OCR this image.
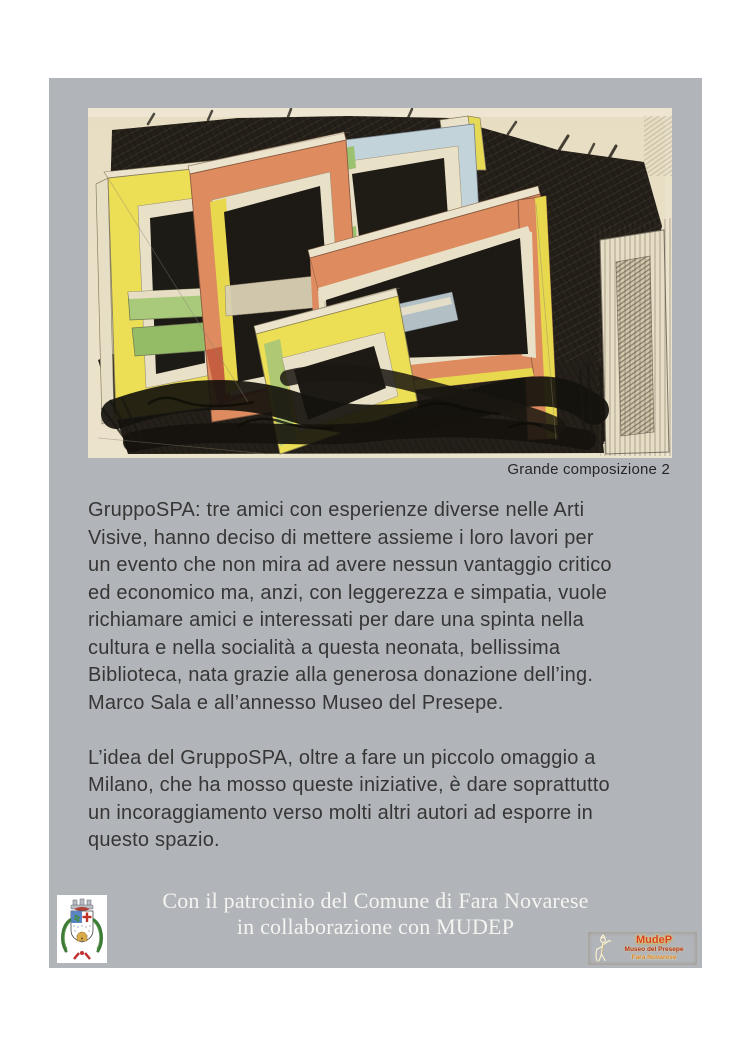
Grande composizione 2
GruppoSPA: tre amici con esperienze diverse nelle Arti
Visive, hanno deciso di mettere assieme i loro lavori per
un evento che non mira ad avere nessun vantaggio critico
ed economico ma, anzi, con leggerezza e simpatia, vuole
richiamare amici e interessati per dare una spinta nella
cultura e nella socialità a questa neonata, bellissima
Biblioteca, nata grazie alla generosa donazione dell’ing.
Marco Sala e all’annesso Museo del Presepe.
L’idea del GruppoSPA, oltre a fare un piccolo omaggio a
Milano, che ha mosso queste iniziative, è dare soprattutto
un incoraggiamento verso molti altri autori ad esporre in
questo spazio.
Con il patrocinio del Comune di Fara Novarese
in collaborazione con MUDEP
MudeP
Museo del Presepe
Fara Novarese
